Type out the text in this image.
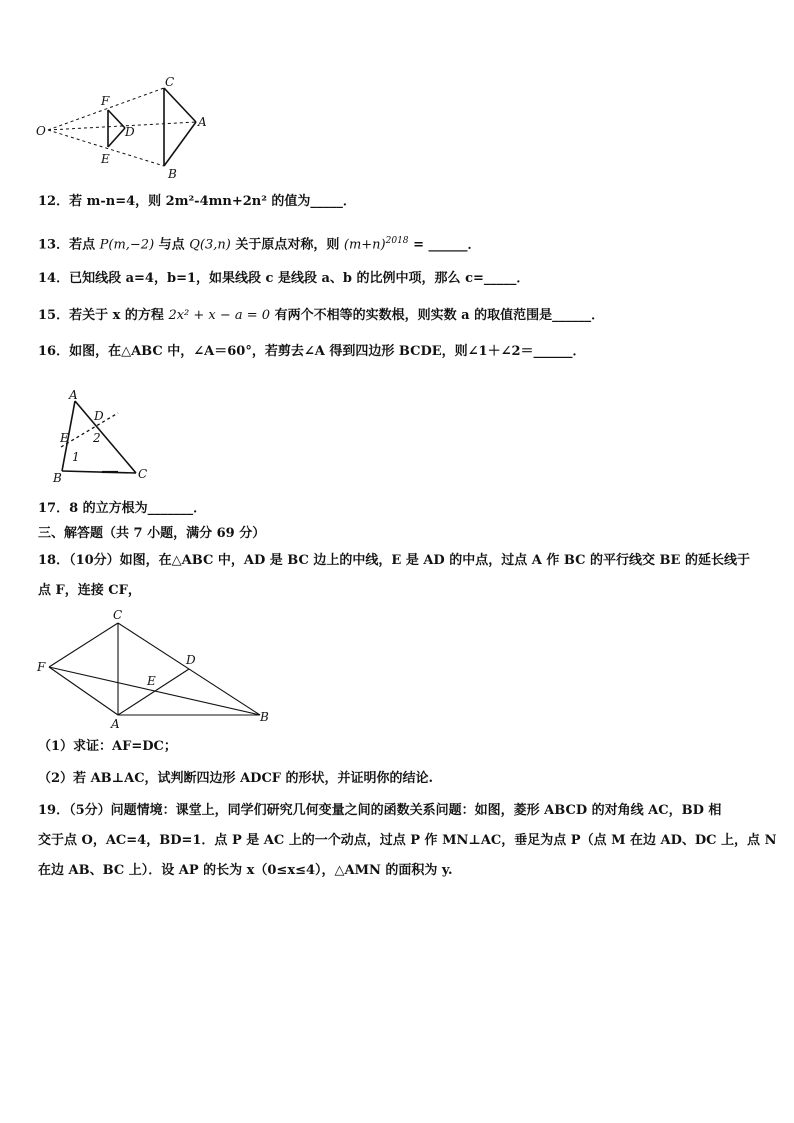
O
F
D
E
C
A
B
12．若 m-n=4，则 2m²-4mn+2n² 的值为_____．
13．若点 P(m,−2) 与点 Q(3,n) 关于原点对称，则 $(m+n)^{2018}$ = ______．
14．已知线段 a=4，b=1，如果线段 c 是线段 a、b 的比例中项，那么 c=_____．
15．若关于 x 的方程 2x² + x − a = 0 有两个不相等的实数根，则实数 a 的取值范围是______．
16．如图，在△ABC 中，∠A＝60°，若剪去∠A 得到四边形 BCDE，则∠1＋∠2＝______．
A
D
E 2
1
B	C
17．8 的立方根为_______．
三、解答题（共 7 小题，满分 69 分）
18．（10分）如图，在△ABC 中，AD 是 BC 边上的中线，E 是 AD 的中点，过点 A 作 BC 的平行线交 BE 的延长线于
点 F，连接 CF，
C
F	D
E
A	B
（1）求证：AF=DC；
（2）若 AB⊥AC，试判断四边形 ADCF 的形状，并证明你的结论.
19．（5分）问题情境：课堂上，同学们研究几何变量之间的函数关系问题：如图，菱形 ABCD 的对角线 AC，BD 相
交于点 O，AC=4，BD=1．点 P 是 AC 上的一个动点，过点 P 作 MN⊥AC，垂足为点 P（点 M 在边 AD、DC 上，点 N
在边 AB、BC 上）．设 AP 的长为 x（0≤x≤4），△AMN 的面积为 y.
